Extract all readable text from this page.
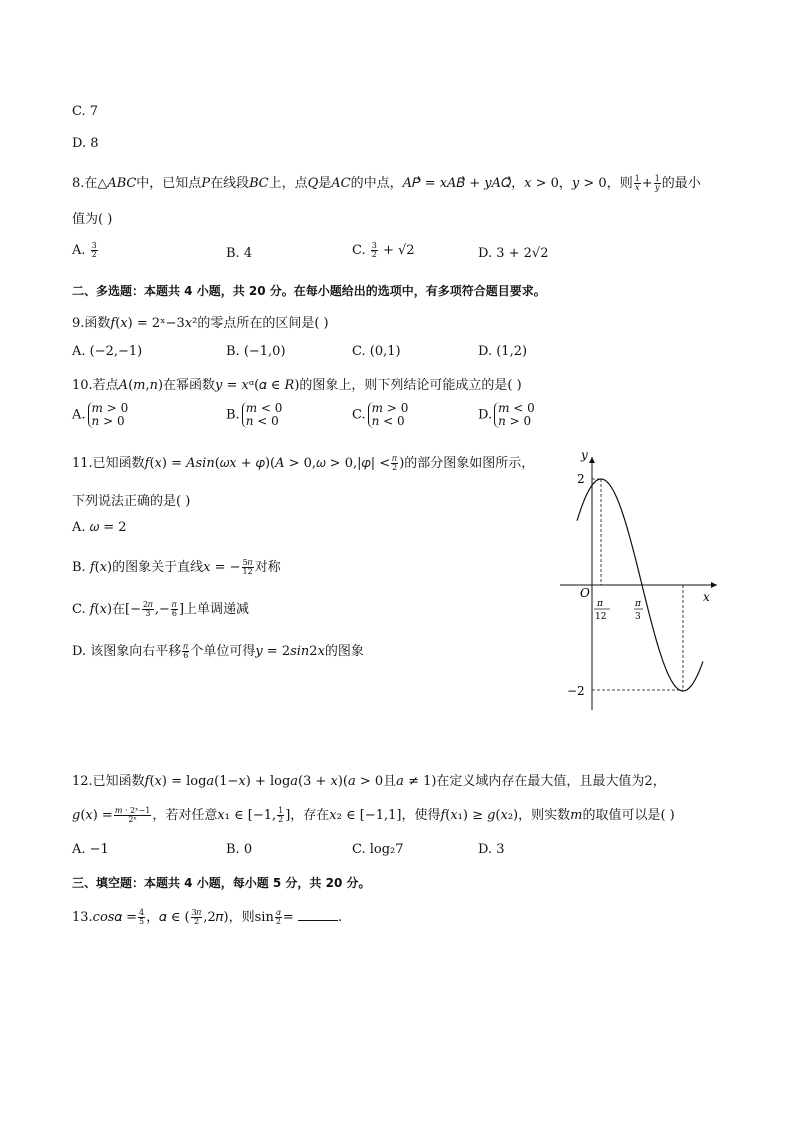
C. 7
D. 8
8.在△𝐴𝐵𝐶中，已知点𝑃在线段𝐵𝐶上，点𝑄是𝐴𝐶的中点，𝐴𝑃⃗ = 𝑥𝐴𝐵⃗ + 𝑦𝐴𝑄⃗，𝑥 > 0，𝑦 > 0，则 $\frac{1}{\text{𝑥}} + \frac{1}{\text{𝑦}}$ 的最小
值为( )
A. $\frac{3}{2}$	B. 4	C. $\frac{3}{2} + √2$	D. 3 + 2√2
二、多选题：本题共 4 小题，共 20 分。在每小题给出的选项中，有多项符合题目要求。
9.函数𝑓(𝑥) = 2ˣ−3𝑥²的零点所在的区间是( )
A. (−2,−1)	B. (−1,0)	C. (0,1)	D. (1,2)
10.若点𝐴(𝑚,𝑛)在幂函数𝑦 = 𝑥ᵅ(𝛼 ∈ 𝑅)的图象上，则下列结论可能成立的是( )
A. 𝑚 > 0
𝑛 > 0	B. 𝑚 < 0
𝑛 < 0	C. 𝑚 > 0
𝑛 < 0	D. 𝑚 < 0
𝑛 > 0
11.已知函数𝑓(𝑥) = 𝐴𝑠𝑖𝑛(𝜔𝑥 + 𝜑)(𝐴 > 0,𝜔 > 0,|𝜑| < $\frac{\text{𝜋}}{2}$ )的部分图象如图所示，
下列说法正确的是( )
A. 𝜔 = 2
B. 𝑓(𝑥)的图象关于直线𝑥 = − $\frac{\text{5𝜋}}{12}$ 对称
C. 𝑓(𝑥)在[− $\frac{\text{2𝜋}}{3}$ ,− $\frac{\text{𝜋}}{6}$ ]上单调递减
D. 该图象向右平移 $\frac{\text{𝜋}}{6}$ 个单位可得𝑦 = 2𝑠𝑖𝑛2𝑥的图象
𝑦
𝑥
𝑂
2
−2
𝜋
12
𝜋
3
12.已知函数𝑓(𝑥) = log𝑎(1−𝑥) + log𝑎(3 + 𝑥)(𝑎 > 0且𝑎 ≠ 1)在定义域内存在最大值，且最大值为2，
𝑔(𝑥) = $\frac{\text{𝑚 · 2ˣ−1}}{\text{2ˣ}}$ ，若对任意𝑥₁ ∈ [−1, $\frac{1}{2}$ ]，存在𝑥₂ ∈ [−1,1]，使得𝑓(𝑥₁) ≥ 𝑔(𝑥₂)，则实数𝑚的取值可以是( )
A. −1	B. 0	C. log₂7	D. 3
三、填空题：本题共 4 小题，每小题 5 分，共 20 分。
13.𝑐𝑜𝑠𝛼 = $\frac{4}{5}$ ，𝛼 ∈ ( $\frac{\text{3𝜋}}{2}$ ,2𝜋)，则$\sin \frac{\text{𝛼}}{2}$ =	.
